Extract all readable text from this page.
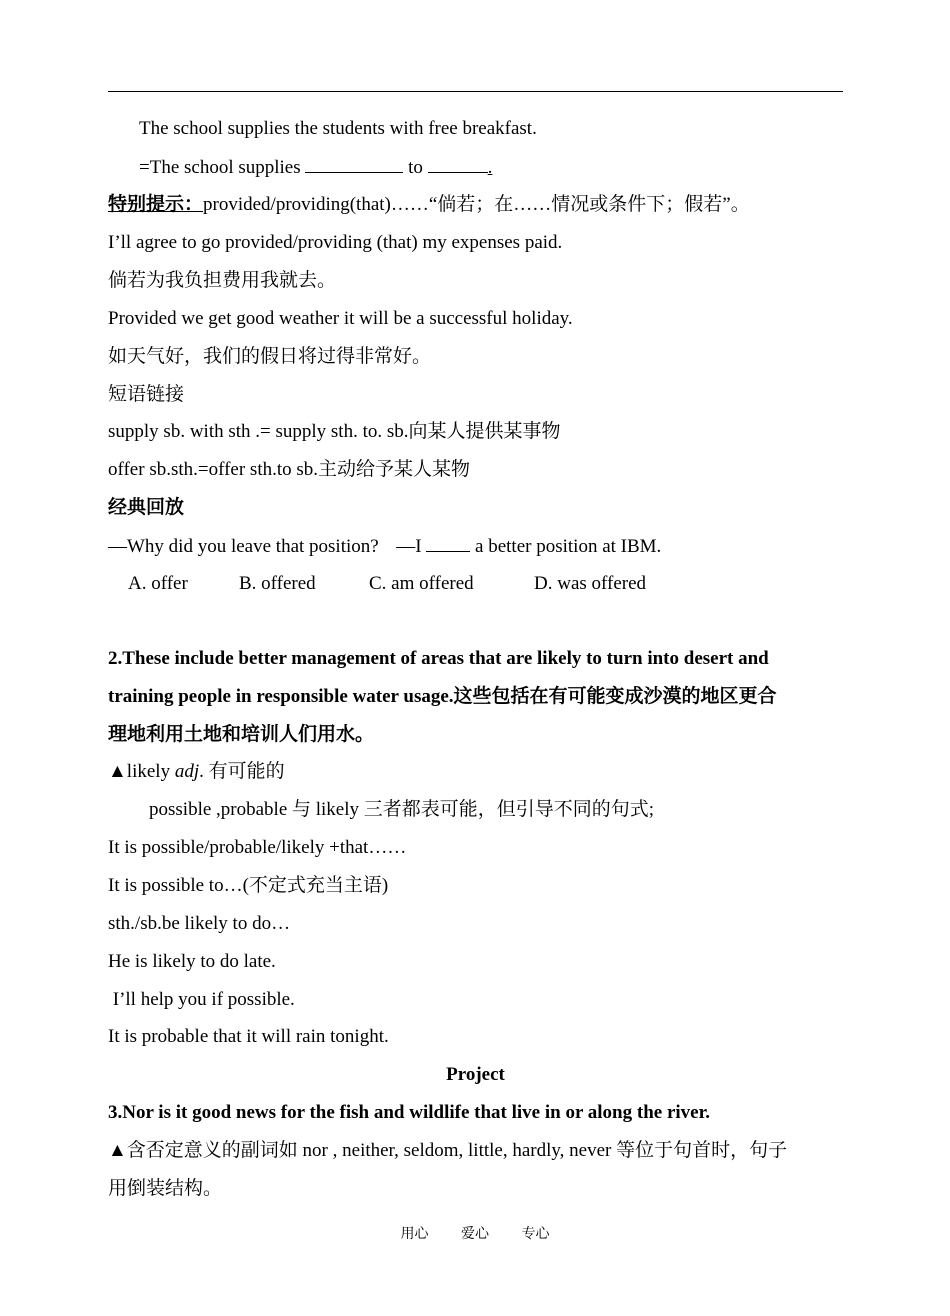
The school supplies the students with free breakfast.
=The school supplies	to	.
特别提示：provided/providing(that)……“倘若；在……情况或条件下；假若”。
I’ll agree to go provided/providing (that) my expenses paid.
倘若为我负担费用我就去。
Provided we get good weather it will be a successful holiday.
如天气好，我们的假日将过得非常好。
短语链接
supply sb. with sth .= supply sth. to. sb.向某人提供某事物
offer sb.sth.=offer sth.to sb.主动给予某人某物
经典回放
—Why did you leave that position? —I	a better position at IBM.
A. offer	B. offered	C. am offered	D. was offered
2.These include better management of areas that are likely to turn into desert and
training people in responsible water usage.这些包括在有可能变成沙漠的地区更合
理地利用土地和培训人们用水。
▲likely adj. 有可能的
possible ,probable 与 likely 三者都表可能，但引导不同的句式;
It is possible/probable/likely +that……
It is possible to…(不定式充当主语)
sth./sb.be likely to do…
He is likely to do late.
I’ll help you if possible.
It is probable that it will rain tonight.
Project
3.Nor is it good news for the fish and wildlife that live in or along the river.
▲含否定意义的副词如 nor , neither, seldom, little, hardly, never 等位于句首时，句子
用倒装结构。
用心 爱心 专心
